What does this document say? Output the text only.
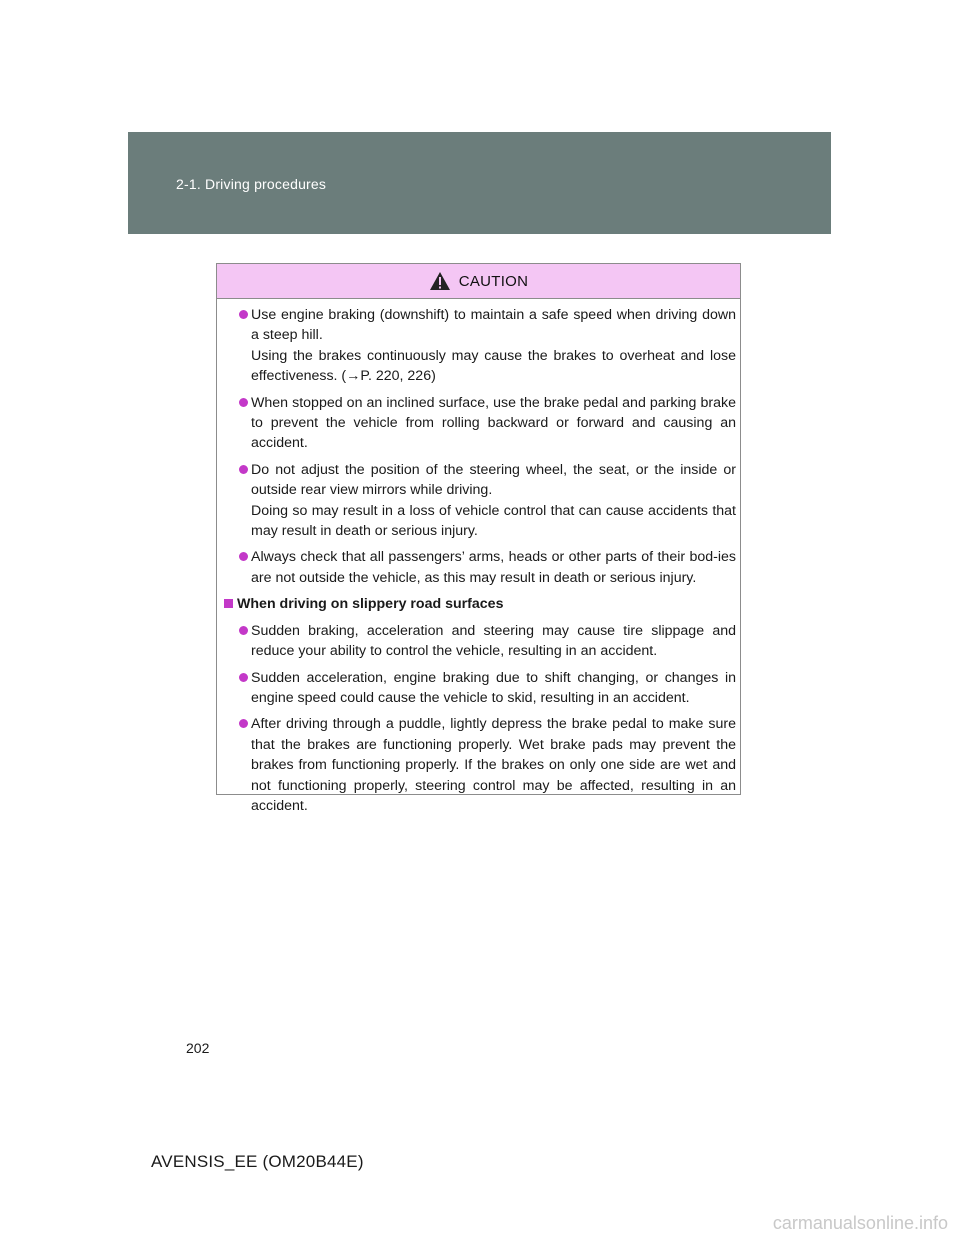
2-1. Driving procedures
CAUTION

Use engine braking (downshift) to maintain a safe speed when driving down a steep hill.

Using the brakes continuously may cause the brakes to overheat and lose effectiveness. (→P. 220, 226)

When stopped on an inclined surface, use the brake pedal and parking brake to prevent the vehicle from rolling backward or forward and causing an accident.

Do not adjust the position of the steering wheel, the seat, or the inside or outside rear view mirrors while driving.

Doing so may result in a loss of vehicle control that can cause accidents that may result in death or serious injury.

Always check that all passengers’ arms, heads or other parts of their bod-ies are not outside the vehicle, as this may result in death or serious injury.

When driving on slippery road surfaces

Sudden braking, acceleration and steering may cause tire slippage and reduce your ability to control the vehicle, resulting in an accident.

Sudden acceleration, engine braking due to shift changing, or changes in engine speed could cause the vehicle to skid, resulting in an accident.

After driving through a puddle, lightly depress the brake pedal to make sure that the brakes are functioning properly. Wet brake pads may prevent the brakes from functioning properly. If the brakes on only one side are wet and not functioning properly, steering control may be affected, resulting in an accident.

202
AVENSIS_EE (OM20B44E)
carmanualsonline.info
